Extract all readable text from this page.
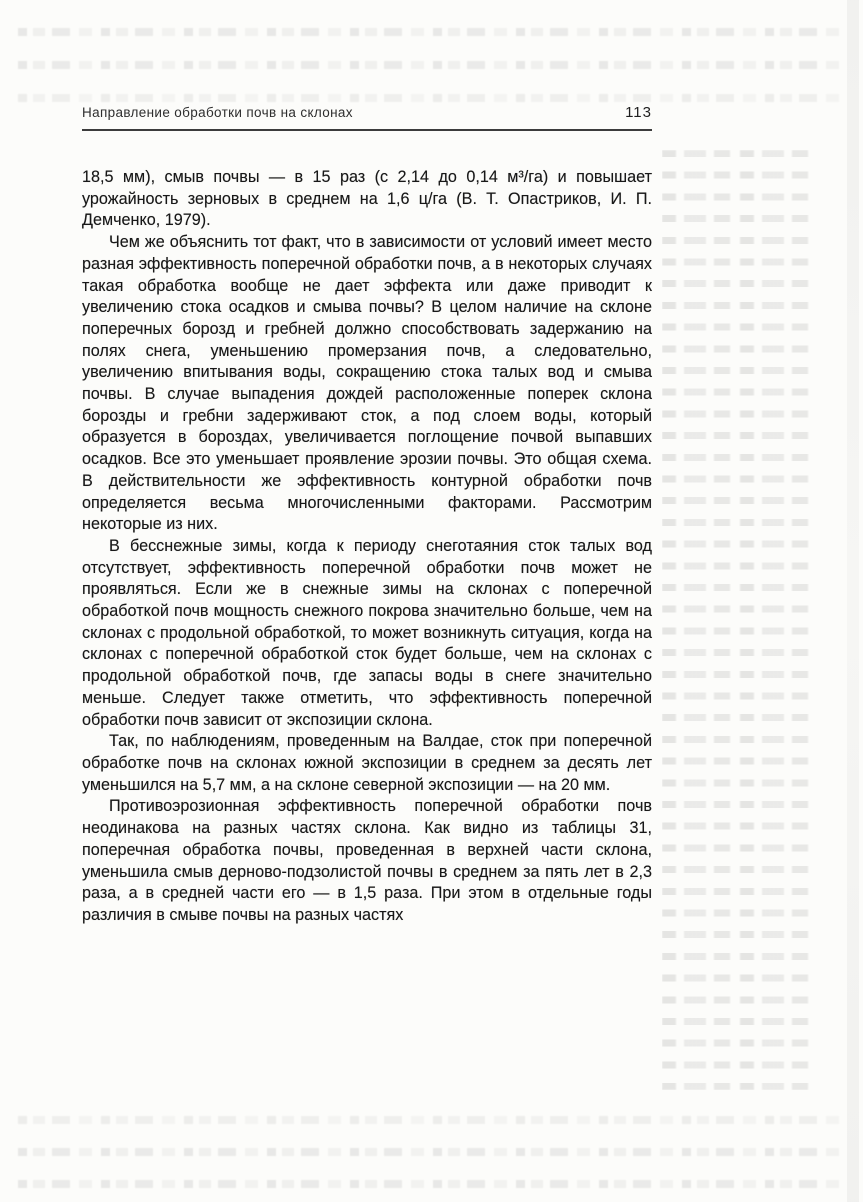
Направление обработки почв на склонах	113

18,5 мм), смыв почвы — в 15 раз (с 2,14 до 0,14 м³/га) и повышает урожайность зерновых в среднем на 1,6 ц/га (В. Т. Опастриков, И. П. Демченко, 1979).

Чем же объяснить тот факт, что в зависимости от условий имеет место разная эффективность поперечной обработки почв, а в некоторых случаях такая обработка вообще не дает эффекта или даже приводит к увеличению стока осадков и смыва почвы? В целом наличие на склоне поперечных борозд и гребней должно способствовать задержанию на полях снега, уменьшению промерзания почв, а следовательно, увеличению впитывания воды, сокращению стока талых вод и смыва почвы. В случае выпадения дождей расположенные поперек склона борозды и гребни задерживают сток, а под слоем воды, который образуется в бороздах, увеличивается поглощение почвой выпавших осадков. Все это уменьшает проявление эрозии почвы. Это общая схема. В действительности же эффективность контурной обработки почв определяется весьма многочисленными факторами. Рассмотрим некоторые из них.

В бесснежные зимы, когда к периоду снеготаяния сток талых вод отсутствует, эффективность поперечной обработки почв может не проявляться. Если же в снежные зимы на склонах с поперечной обработкой почв мощность снежного покрова значительно больше, чем на склонах с продольной обработкой, то может возникнуть ситуация, когда на склонах с поперечной обработкой сток будет больше, чем на склонах с продольной обработкой почв, где запасы воды в снеге значительно меньше. Следует также отметить, что эффективность поперечной обработки почв зависит от экспозиции склона.

Так, по наблюдениям, проведенным на Валдае, сток при поперечной обработке почв на склонах южной экспозиции в среднем за десять лет уменьшился на 5,7 мм, а на склоне северной экспозиции — на 20 мм.

Противоэрозионная эффективность поперечной обработки почв неодинакова на разных частях склона. Как видно из таблицы 31, поперечная обработка почвы, проведенная в верхней части склона, уменьшила смыв дерново-подзолистой почвы в среднем за пять лет в 2,3 раза, а в средней части его — в 1,5 раза. При этом в отдельные годы различия в смыве почвы на разных частях
